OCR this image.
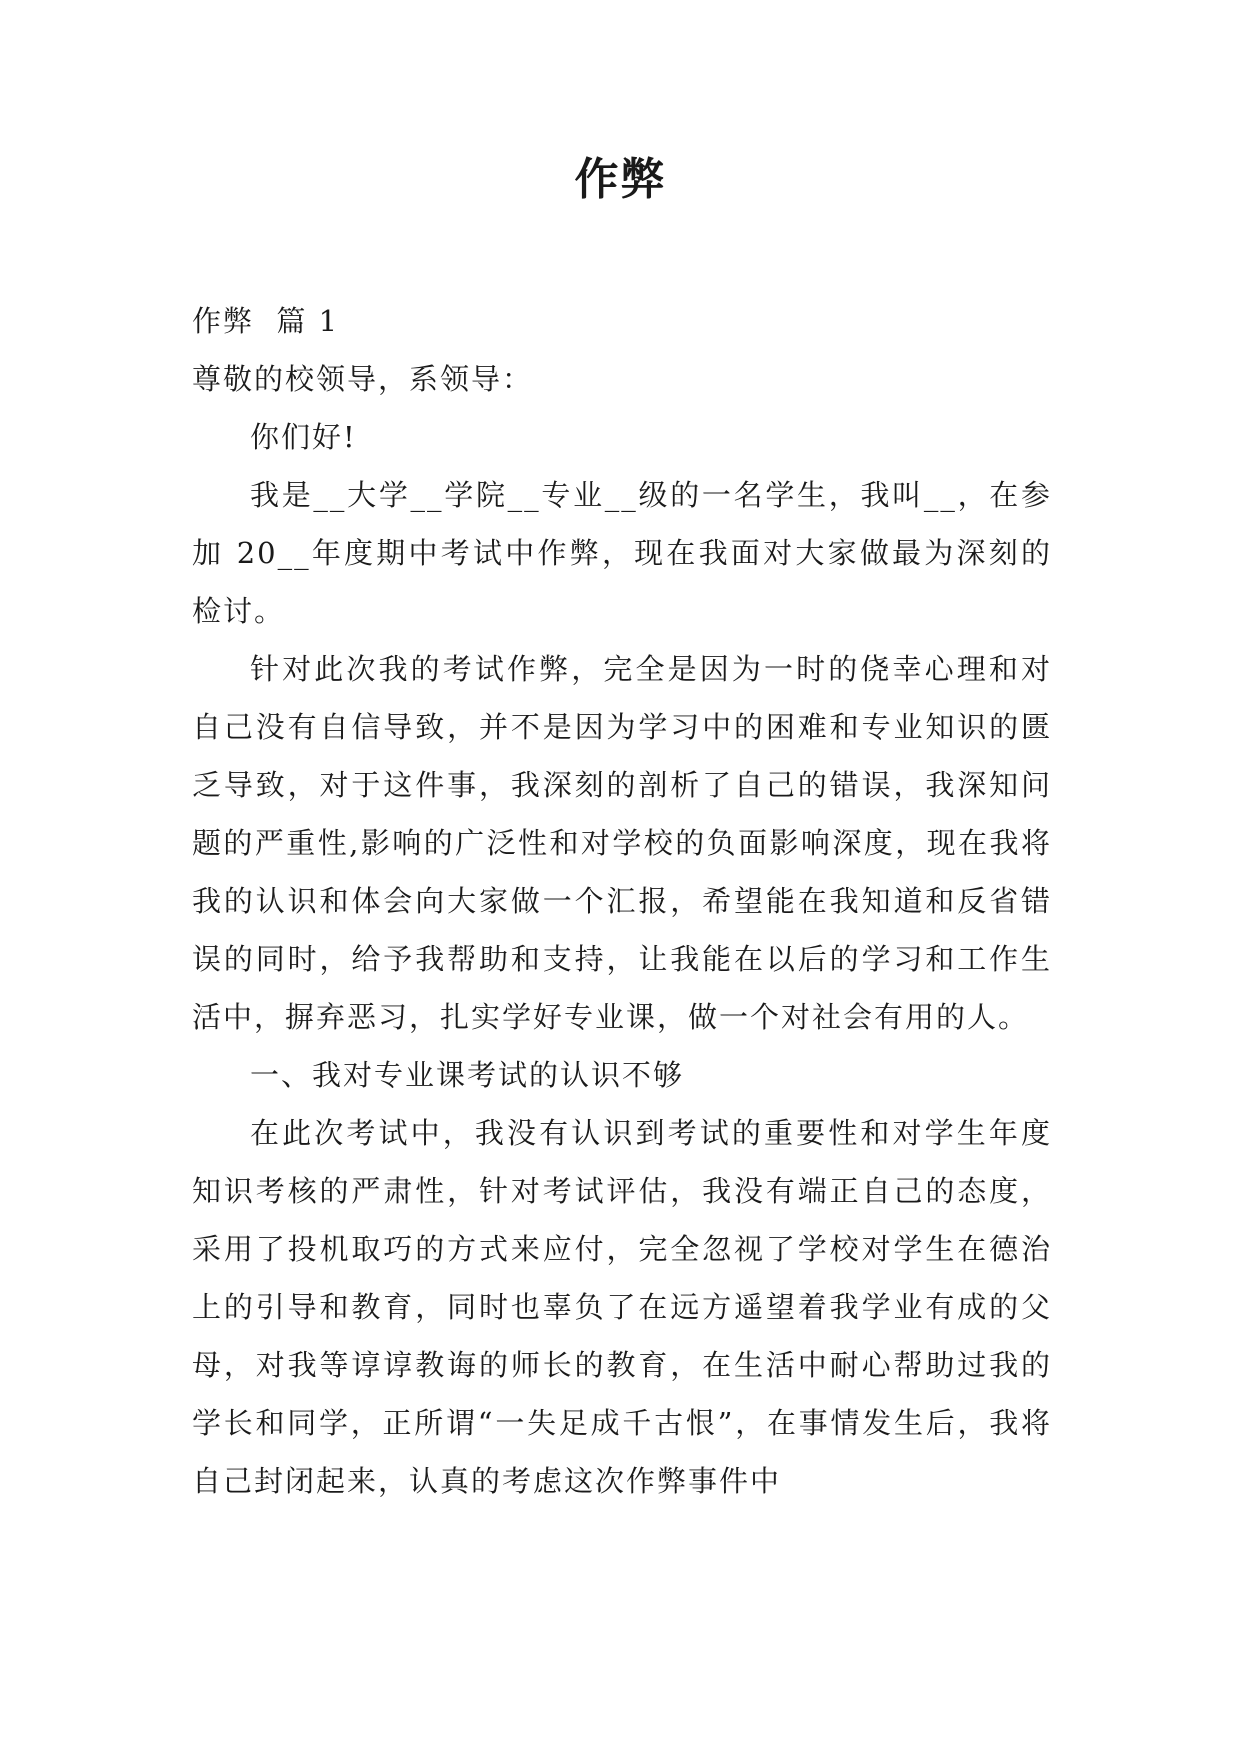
作弊

作弊  篇 1

尊敬的校领导，系领导：

你们好!

我是__大学__学院__专业__级的一名学生，我叫__，在参加 20__年度期中考试中作弊，现在我面对大家做最为深刻的检讨。

针对此次我的考试作弊，完全是因为一时的侥幸心理和对自己没有自信导致，并不是因为学习中的困难和专业知识的匮乏导致，对于这件事，我深刻的剖析了自己的错误，我深知问题的严重性,影响的广泛性和对学校的负面影响深度，现在我将我的认识和体会向大家做一个汇报，希望能在我知道和反省错误的同时，给予我帮助和支持，让我能在以后的学习和工作生活中，摒弃恶习，扎实学好专业课，做一个对社会有用的人。

一、我对专业课考试的认识不够

在此次考试中，我没有认识到考试的重要性和对学生年度知识考核的严肃性，针对考试评估，我没有端正自己的态度，采用了投机取巧的方式来应付，完全忽视了学校对学生在德治上的引导和教育，同时也辜负了在远方遥望着我学业有成的父母，对我等谆谆教诲的师长的教育，在生活中耐心帮助过我的学长和同学，正所谓“一失足成千古恨”，在事情发生后，我将自己封闭起来，认真的考虑这次作弊事件中
